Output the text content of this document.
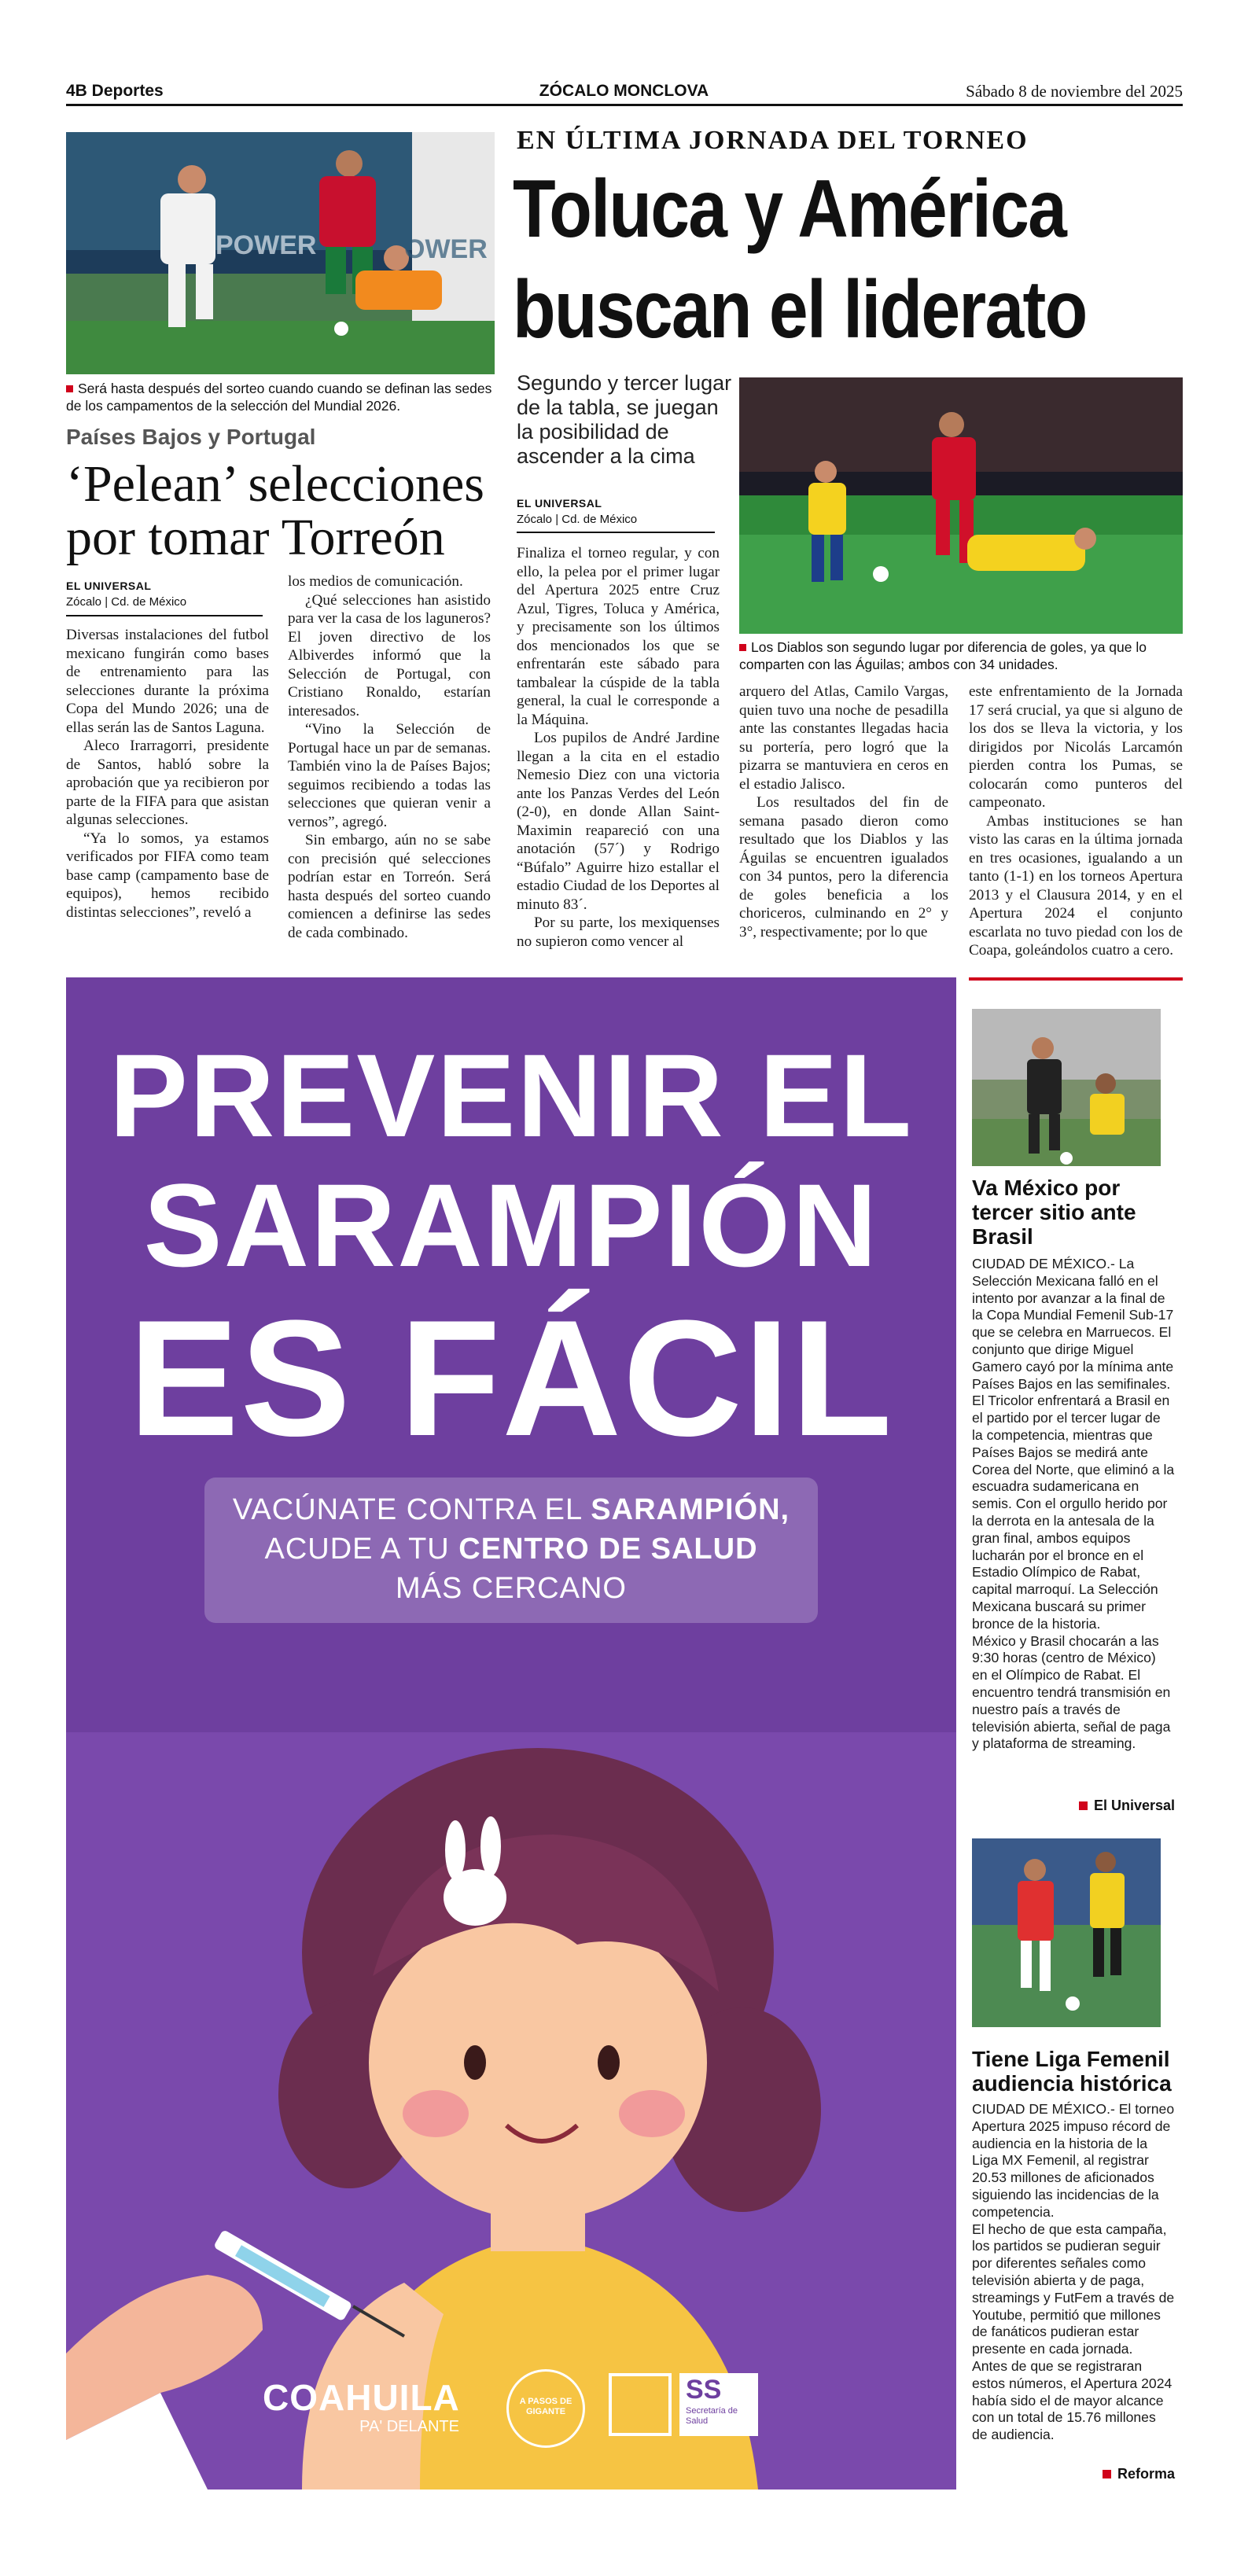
4B Deportes	ZÓCALO MONCLOVA	Sábado 8 de noviembre del 2025
POWER	OWER
Será hasta después del sorteo cuando cuando se definan las sedes de los campamentos de la selección del Mundial 2026.
Países Bajos y Portugal
‘Pelean’ selecciones
por tomar Torreón
EL UNIVERSAL
Zócalo | Cd. de México

Diversas instalaciones del futbol mexicano fungirán como bases de entrenamiento para las selecciones durante la próxima Copa del Mundo 2026; una de ellas serán las de Santos Laguna.

Aleco Irarragorri, presidente de Santos, habló sobre la aprobación que ya recibieron por parte de la FIFA para que asistan algunas selecciones.

“Ya lo somos, ya estamos verificados por FIFA como team base camp (campamento base de equipos), hemos recibido distintas selecciones”, reveló a

los medios de comunicación.

¿Qué selecciones han asistido para ver la casa de los laguneros? El joven directivo de los Albiverdes informó que la Selección de Portugal, con Cristiano Ronaldo, estarían interesados.

“Vino la Selección de Portugal hace un par de semanas. También vino la de Países Bajos; seguimos recibiendo a todas las selecciones que quieran venir a vernos”, agregó.

Sin embargo, aún no se sabe con precisión qué selecciones podrían estar en Torreón. Será hasta después del sorteo cuando comiencen a definirse las sedes de cada combinado.

EN ÚLTIMA JORNADA DEL TORNEO
Toluca y América
buscan el liderato
Segundo y tercer lugar de la tabla, se juegan la posibilidad de ascender a la cima
EL UNIVERSAL
Zócalo | Cd. de México
Los Diablos son segundo lugar por diferencia de goles, ya que lo comparten con las Águilas; ambos con 34 unidades.

Finaliza el torneo regular, y con ello, la pelea por el primer lugar del Apertura 2025 entre Cruz Azul, Tigres, Toluca y América, y precisamente son los últimos dos mencionados los que se enfrentarán este sábado para tambalear la cúspide de la tabla general, la cual le corresponde a la Máquina.

Los pupilos de André Jardine llegan a la cita en el estadio Nemesio Diez con una victoria ante los Panzas Verdes del León (2-0), en donde Allan Saint-Maximin reapareció con una anotación (57´) y Rodrigo “Búfalo” Aguirre hizo estallar el estadio Ciudad de los Deportes al minuto 83´.

Por su parte, los mexiquenses no supieron como vencer al

arquero del Atlas, Camilo Vargas, quien tuvo una noche de pesadilla ante las constantes llegadas hacia su portería, pero logró que la pizarra se mantuviera en ceros en el estadio Jalisco.

Los resultados del fin de semana pasado dieron como resultado que los Diablos y las Águilas se encuentren igualados con 34 puntos, pero la diferencia de goles beneficia a los choriceros, culminando en 2° y 3°, respectivamente; por lo que

este enfrentamiento de la Jornada 17 será crucial, ya que si alguno de los dos se lleva la victoria, y los dirigidos por Nicolás Larcamón pierden contra los Pumas, se colocarán como punteros del campeonato.

Ambas instituciones se han visto las caras en la última jornada en tres ocasiones, igualando a un tanto (1-1) en los torneos Apertura 2013 y el Clausura 2014, y en el Apertura 2024 el conjunto escarlata no tuvo piedad con los de Coapa, goleándolos cuatro a cero.

PREVENIR EL
SARAMPIÓN
ES FÁCIL
VACÚNATE CONTRA EL SARAMPIÓN,
ACUDE A TU CENTRO DE SALUD
MÁS CERCANO
COAHUILA
PA' DELANTE
A PASOS DE GIGANTE
SS
Secretaría de Salud
Va México por tercer sitio ante Brasil
CIUDAD DE MÉXICO.- La Selección Mexicana falló en el intento por avanzar a la final de la Copa Mundial Femenil Sub-17 que se celebra en Marruecos. El conjunto que dirige Miguel Gamero cayó por la mínima ante Países Bajos en las semifinales.
El Tricolor enfrentará a Brasil en el partido por el tercer lugar de la competencia, mientras que Países Bajos se medirá ante Corea del Norte, que eliminó a la escuadra sudamericana en semis. Con el orgullo herido por la derrota en la antesala de la gran final, ambos equipos lucharán por el bronce en el Estadio Olímpico de Rabat, capital marroquí. La Selección Mexicana buscará su primer bronce de la historia.
México y Brasil chocarán a las 9:30 horas (centro de México) en el Olímpico de Rabat. El encuentro tendrá transmisión en nuestro país a través de televisión abierta, señal de paga y plataforma de streaming.
El Universal
Tiene Liga Femenil audiencia histórica
CIUDAD DE MÉXICO.- El torneo Apertura 2025 impuso récord de audiencia en la historia de la Liga MX Femenil, al registrar 20.53 millones de aficionados siguiendo las incidencias de la competencia.
El hecho de que esta campaña, los partidos se pudieran seguir por diferentes señales como televisión abierta y de paga, streamings y FutFem a través de Youtube, permitió que millones de fanáticos pudieran estar presente en cada jornada.
Antes de que se registraran estos números, el Apertura 2024 había sido el de mayor alcance con un total de 15.76 millones de audiencia.
Reforma
